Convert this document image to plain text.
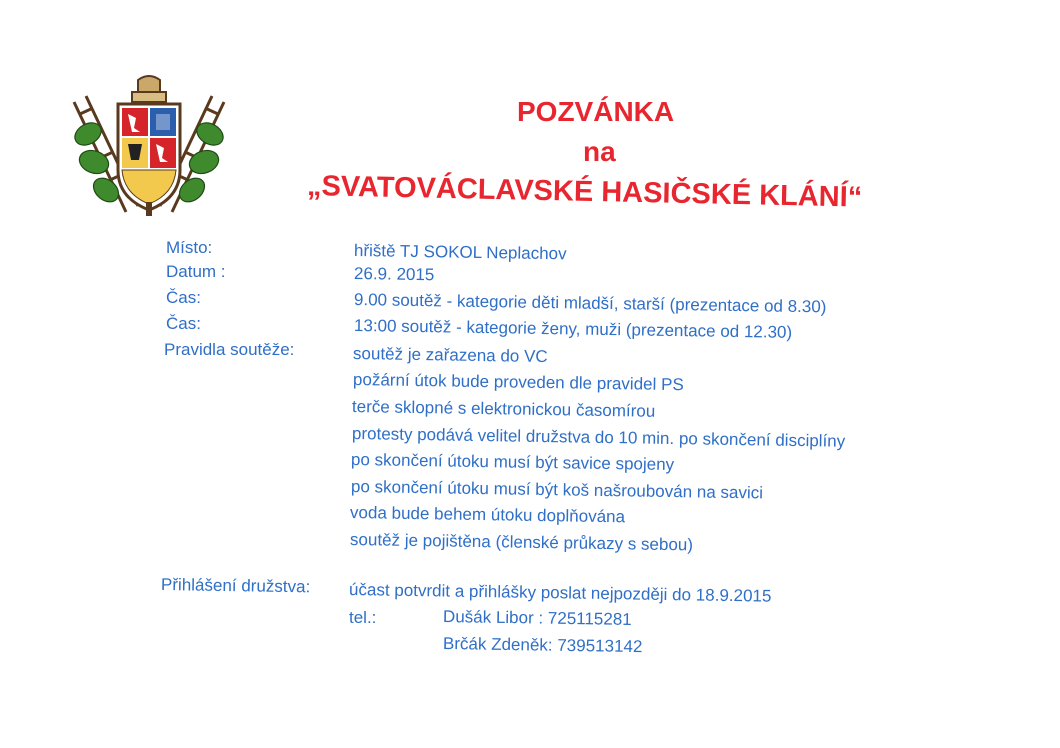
POZVÁNKA
na
„SVATOVÁCLAVSKÉ HASIČSKÉ KLÁNÍ“
Místo:
Datum :
Čas:
Čas:
Pravidla soutěže:
Přihlášení družstva:
tel.:
hřiště TJ SOKOL Neplachov
26.9. 2015
9.00 soutěž - kategorie děti mladší, starší (prezentace od 8.30)
13:00 soutěž - kategorie ženy, muži (prezentace od 12.30)
soutěž je zařazena do VC
požární útok bude proveden dle pravidel PS
terče sklopné s elektronickou časomírou
protesty podává velitel družstva do 10 min. po skončení disciplíny
po skončení útoku musí být savice spojeny
po skončení útoku musí být koš našroubován na savici
voda bude behem útoku doplňována
soutěž je pojištěna (členské průkazy s sebou)
účast potvrdit a přihlášky poslat nejpozději do 18.9.2015
Dušák Libor : 725115281
Brčák Zdeněk: 739513142
